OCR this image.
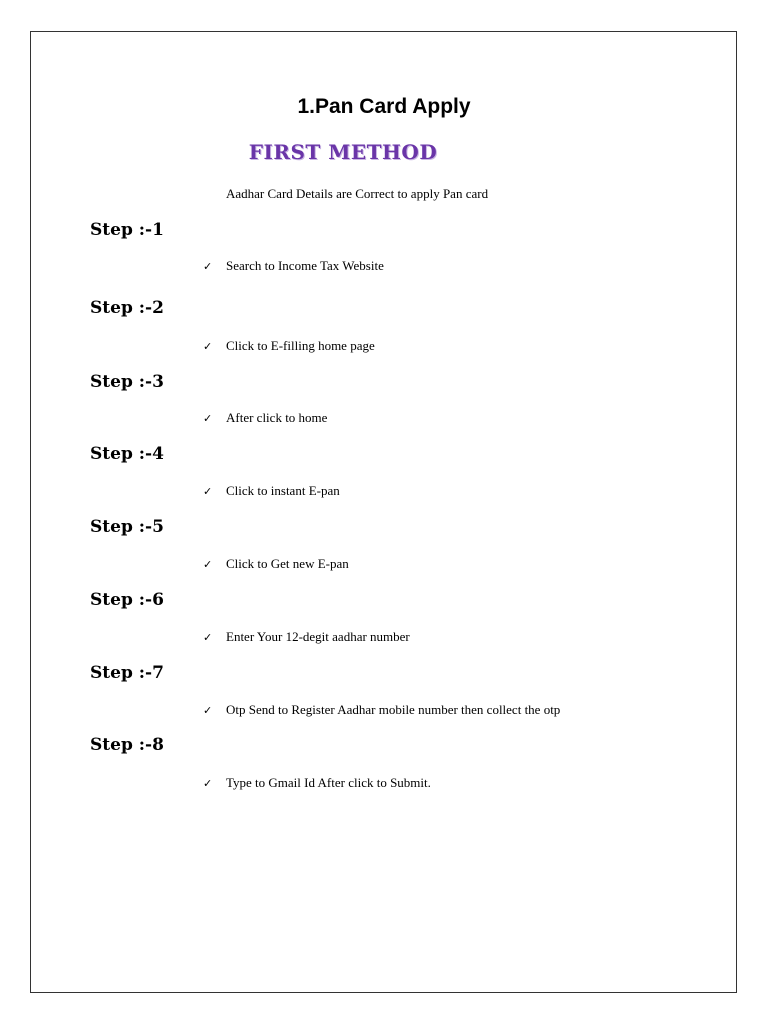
1.Pan Card Apply
FIRST METHOD

Aadhar Card Details are Correct to apply Pan card

Step :-1
✓ Search to Income Tax Website
Step :-2
✓ Click to E-filling home page
Step :-3
✓ After click to home
Step :-4
✓ Click to instant E-pan
Step :-5
✓ Click to Get new E-pan
Step :-6
✓ Enter Your 12-degit aadhar number
Step :-7
✓ Otp Send to Register Aadhar mobile number then collect the otp
Step :-8
✓ Type to Gmail Id After click to Submit.
